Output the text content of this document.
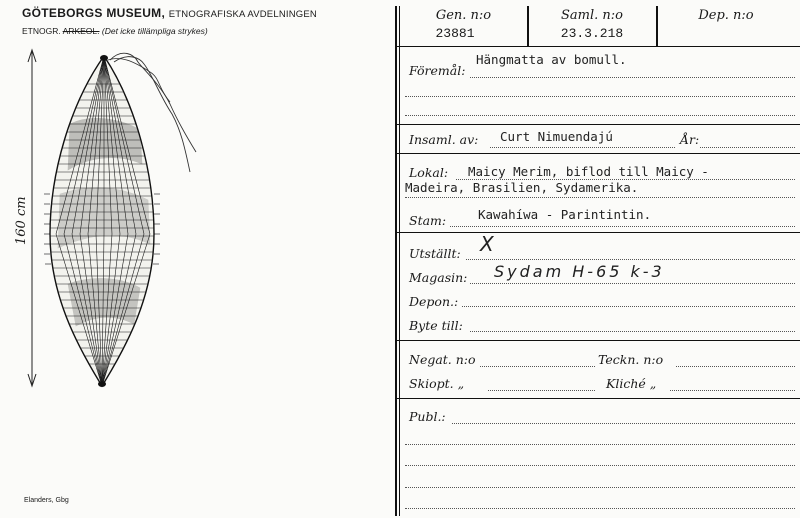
GÖTEBORGS MUSEUM, ETNOGRAFISKA AVDELNINGEN
ETNOGR. ARKEOL. (Det icke tillämpliga strykes)
160 cm
Elanders, Gbg
Gen. n:o	Saml. n:o	Dep. n:o
23881	23.3.218
Föremål:
Hängmatta av bomull.
Insaml. av: Curt Nimuendajú	År:
Lokal: Maicy Merim, biflod till Maicy -
Madeira, Brasilien, Sydamerika.
Stam:	Kawahíwa - Parintintin.
Utställt: X
Magasin: Sydam H-65 k-3
Depon.:
Byte till:
Negat. n:o	Teckn. n:o
Skiopt. „	Kliché „
Publ.:
